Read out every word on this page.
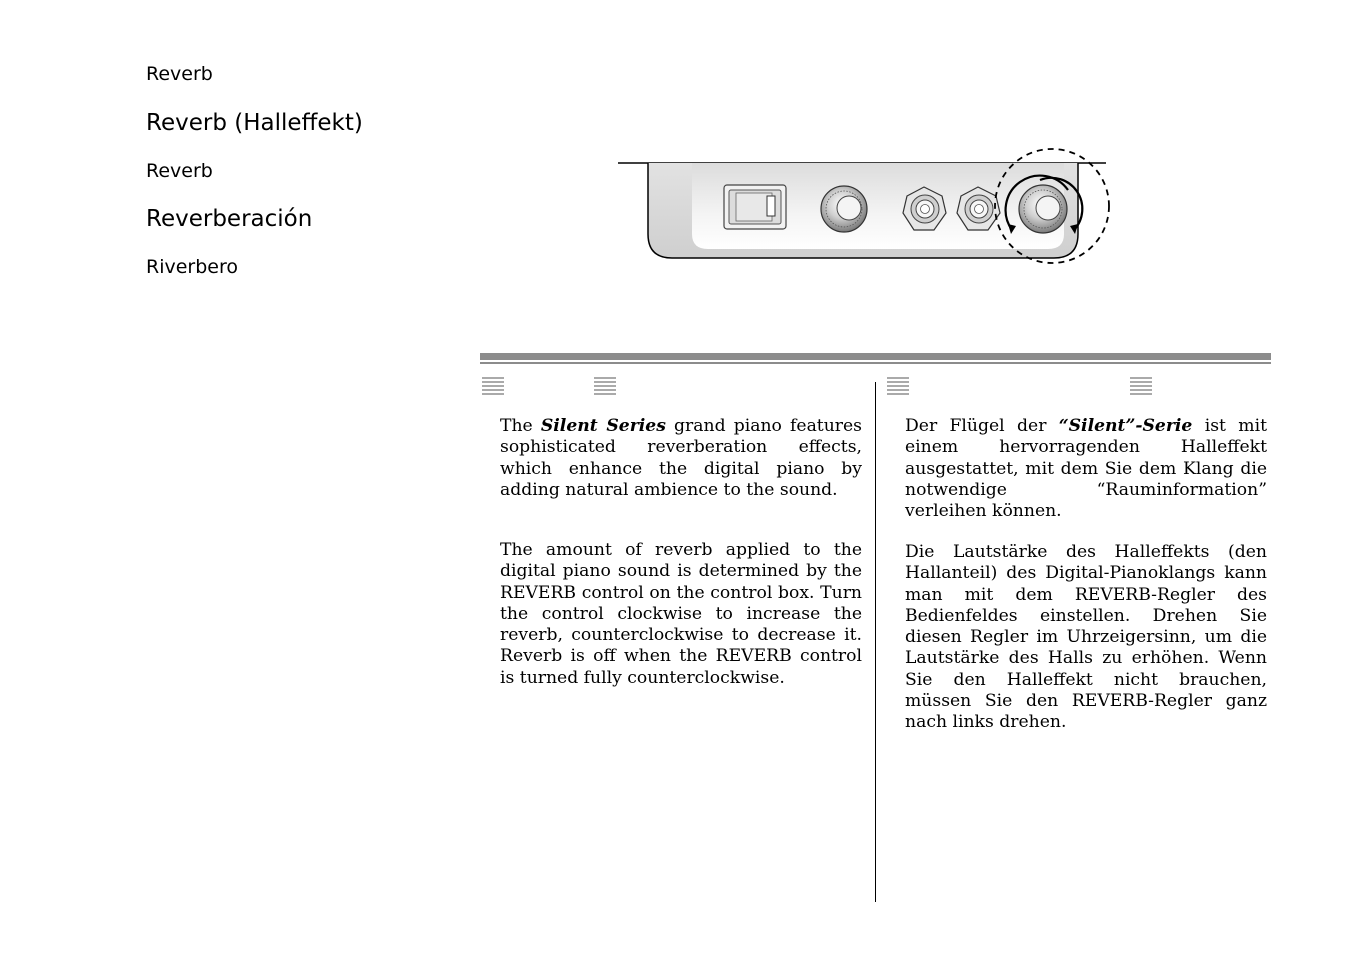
Reverb
Reverb (Halleffekt)
Reverb
Reverberación
Riverbero

The Silent Series grand piano features sophisticated reverberation effects, which enhance the digital piano by adding natural ambience to the sound.

The amount of reverb applied to the digital piano sound is determined by the REVERB control on the control box. Turn the control clockwise to increase the reverb, counterclockwise to decrease it. Reverb is off when the REVERB control is turned fully counterclockwise.

Der Flügel der “Silent”-Serie ist mit einem hervorragenden Halleffekt ausgestattet, mit dem Sie dem Klang die notwendige “Rauminformation” verleihen können.

Die Lautstärke des Halleffekts (den Hallanteil) des Digital-Pianoklangs kann man mit dem REVERB-Regler des Bedienfeldes einstellen. Drehen Sie diesen Regler im Uhrzeigersinn, um die Lautstärke des Halls zu erhöhen. Wenn Sie den Halleffekt nicht brauchen, müssen Sie den REVERB-Regler ganz nach links drehen.
